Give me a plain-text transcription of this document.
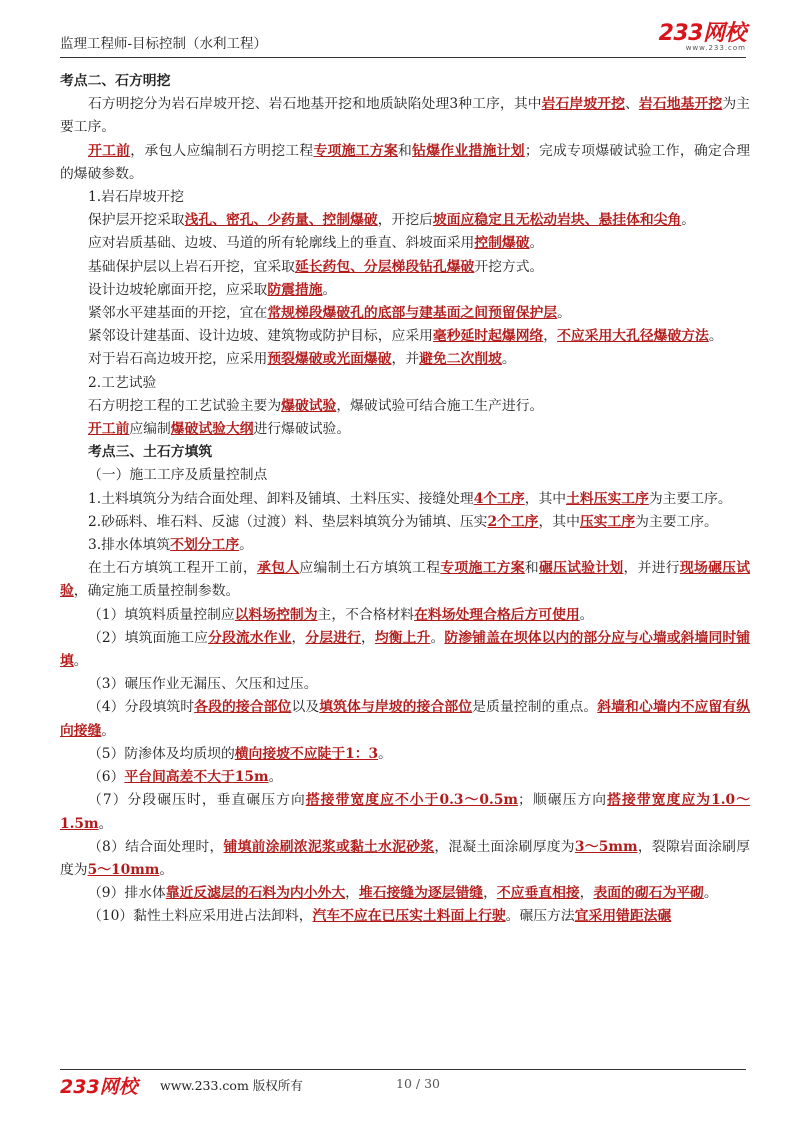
监理工程师-目标控制（水利工程）	233网校
www.233.com

考点二、石方明挖

石方明挖分为岩石岸坡开挖、岩石地基开挖和地质缺陷处理3种工序，其中岩石岸坡开挖、岩石地基开挖为主要工序。

开工前，承包人应编制石方明挖工程专项施工方案和钻爆作业措施计划；完成专项爆破试验工作，确定合理的爆破参数。

1.岩石岸坡开挖

保护层开挖采取浅孔、密孔、少药量、控制爆破，开挖后坡面应稳定且无松动岩块、悬挂体和尖角。

应对岩质基础、边坡、马道的所有轮廓线上的垂直、斜坡面采用控制爆破。

基础保护层以上岩石开挖，宜采取延长药包、分层梯段钻孔爆破开挖方式。

设计边坡轮廓面开挖，应采取防震措施。

紧邻水平建基面的开挖，宜在常规梯段爆破孔的底部与建基面之间预留保护层。

紧邻设计建基面、设计边坡、建筑物或防护目标，应采用毫秒延时起爆网络，不应采用大孔径爆破方法。

对于岩石高边坡开挖，应采用预裂爆破或光面爆破，并避免二次削坡。

2.工艺试验

石方明挖工程的工艺试验主要为爆破试验，爆破试验可结合施工生产进行。

开工前应编制爆破试验大纲进行爆破试验。

考点三、土石方填筑

（一）施工工序及质量控制点

1.土料填筑分为结合面处理、卸料及铺填、土料压实、接缝处理4个工序，其中土料压实工序为主要工序。

2.砂砾料、堆石料、反滤（过渡）料、垫层料填筑分为铺填、压实2个工序，其中压实工序为主要工序。

3.排水体填筑不划分工序。

在土石方填筑工程开工前，承包人应编制土石方填筑工程专项施工方案和碾压试验计划，并进行现场碾压试验，确定施工质量控制参数。

（1）填筑料质量控制应以料场控制为主，不合格材料在料场处理合格后方可使用。

（2）填筑面施工应分段流水作业，分层进行，均衡上升。防渗铺盖在坝体以内的部分应与心墙或斜墙同时铺填。

（3）碾压作业无漏压、欠压和过压。

（4）分段填筑时各段的接合部位以及填筑体与岸坡的接合部位是质量控制的重点。斜墙和心墙内不应留有纵向接缝。

（5）防渗体及均质坝的横向接坡不应陡于1：3。

（6）平台间高差不大于15m。

（7）分段碾压时，垂直碾压方向搭接带宽度应不小于0.3～0.5m；顺碾压方向搭接带宽度应为1.0～1.5m。

（8）结合面处理时，铺填前涂刷浓泥浆或黏土水泥砂浆，混凝土面涂刷厚度为3～5mm，裂隙岩面涂刷厚度为5～10mm。

（9）排水体靠近反滤层的石料为内小外大，堆石接缝为逐层错缝，不应垂直相接，表面的砌石为平砌。

（10）黏性土料应采用进占法卸料，汽车不应在已压实土料面上行驶。碾压方法宜采用错距法碾

233网校 www.233.com 版权所有	10 / 30
